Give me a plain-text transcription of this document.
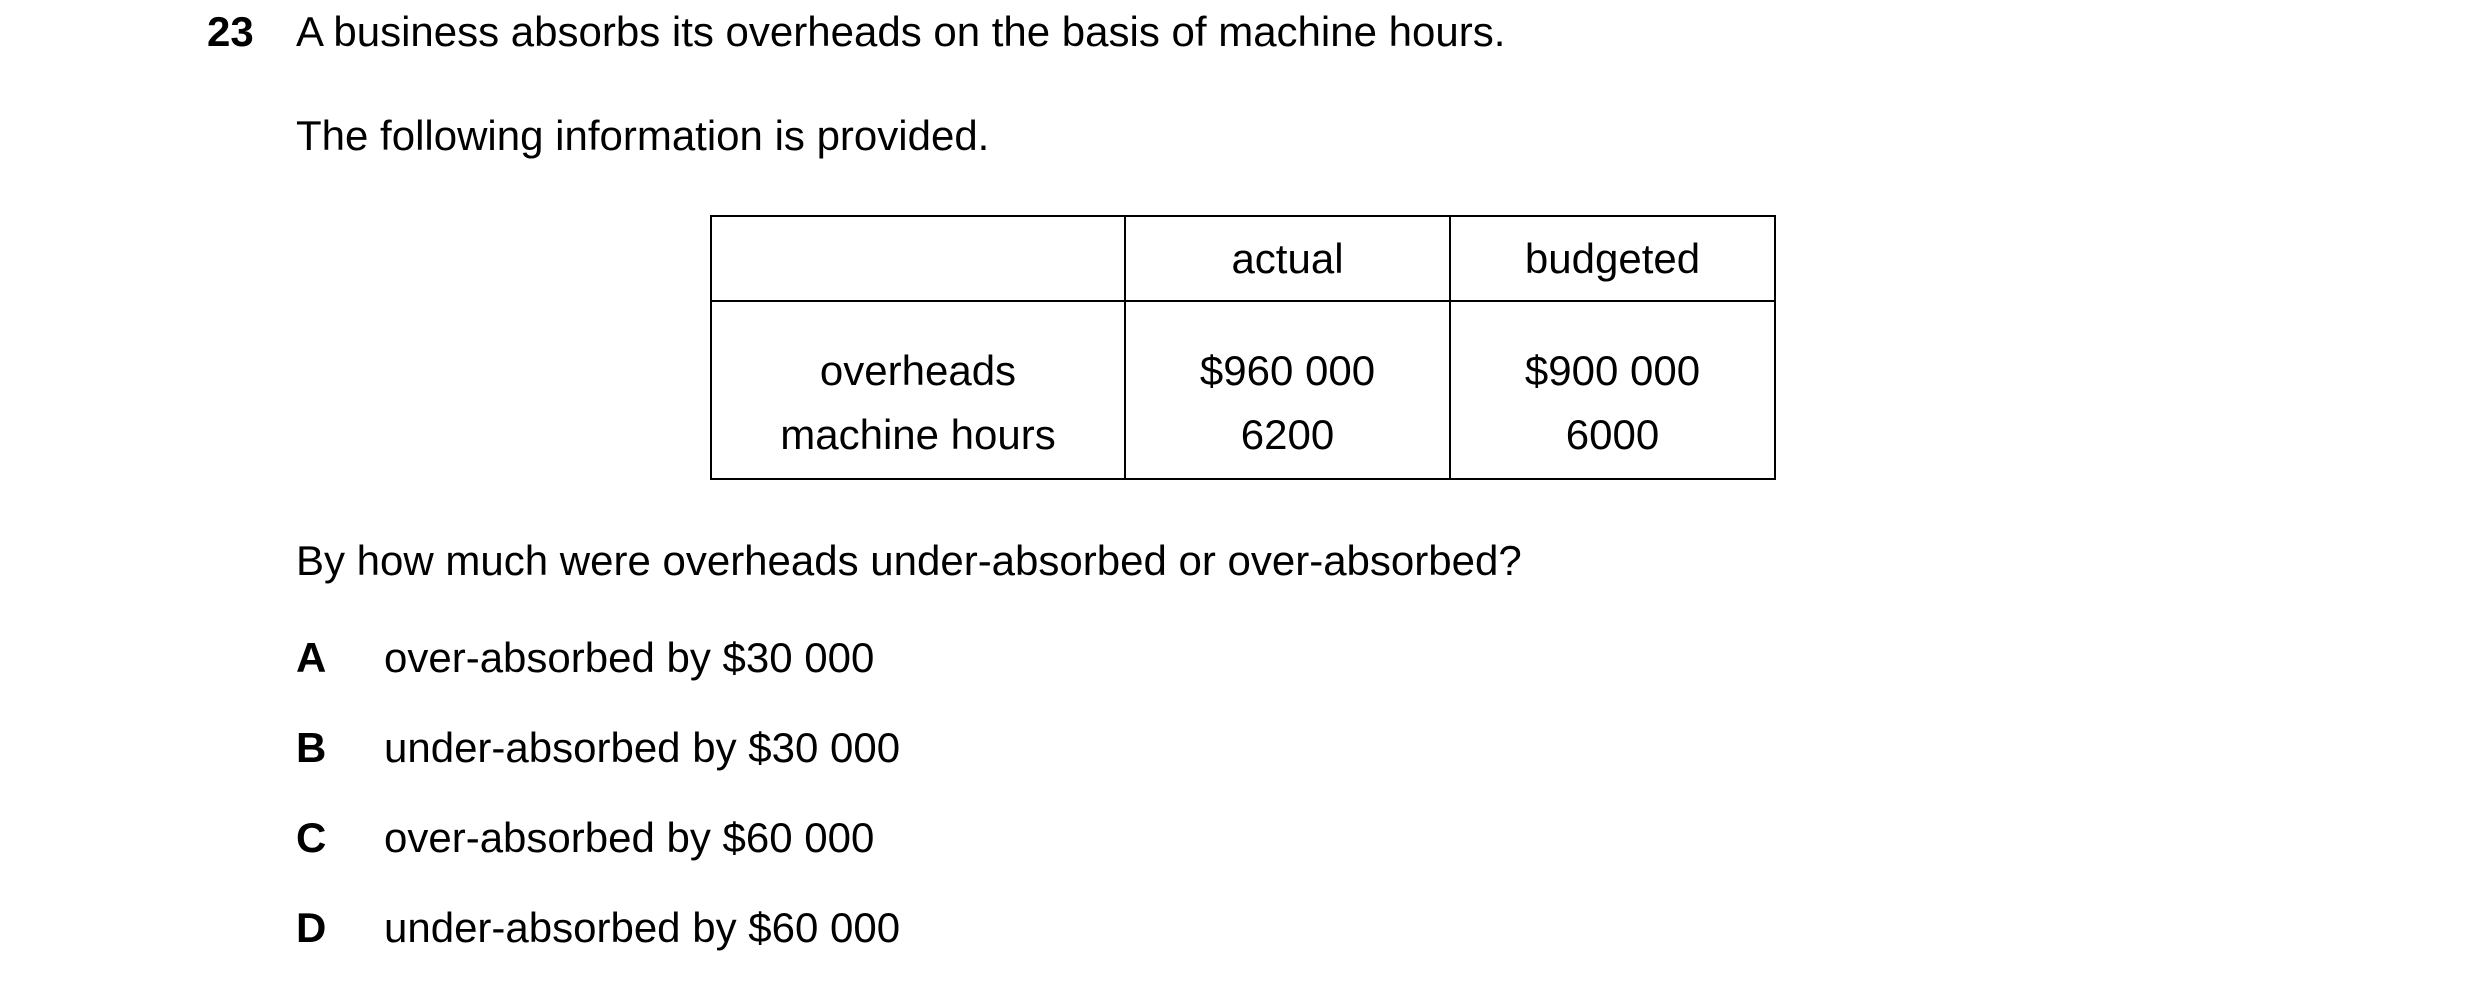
23 A business absorbs its overheads on the basis of machine hours.
The following information is provided.
	actual	budgeted
overheads	$960 000	$900 000
machine hours	6200	6000
By how much were overheads under-absorbed or over-absorbed?
A over-absorbed by $30 000
B under-absorbed by $30 000
C over-absorbed by $60 000
D under-absorbed by $60 000
